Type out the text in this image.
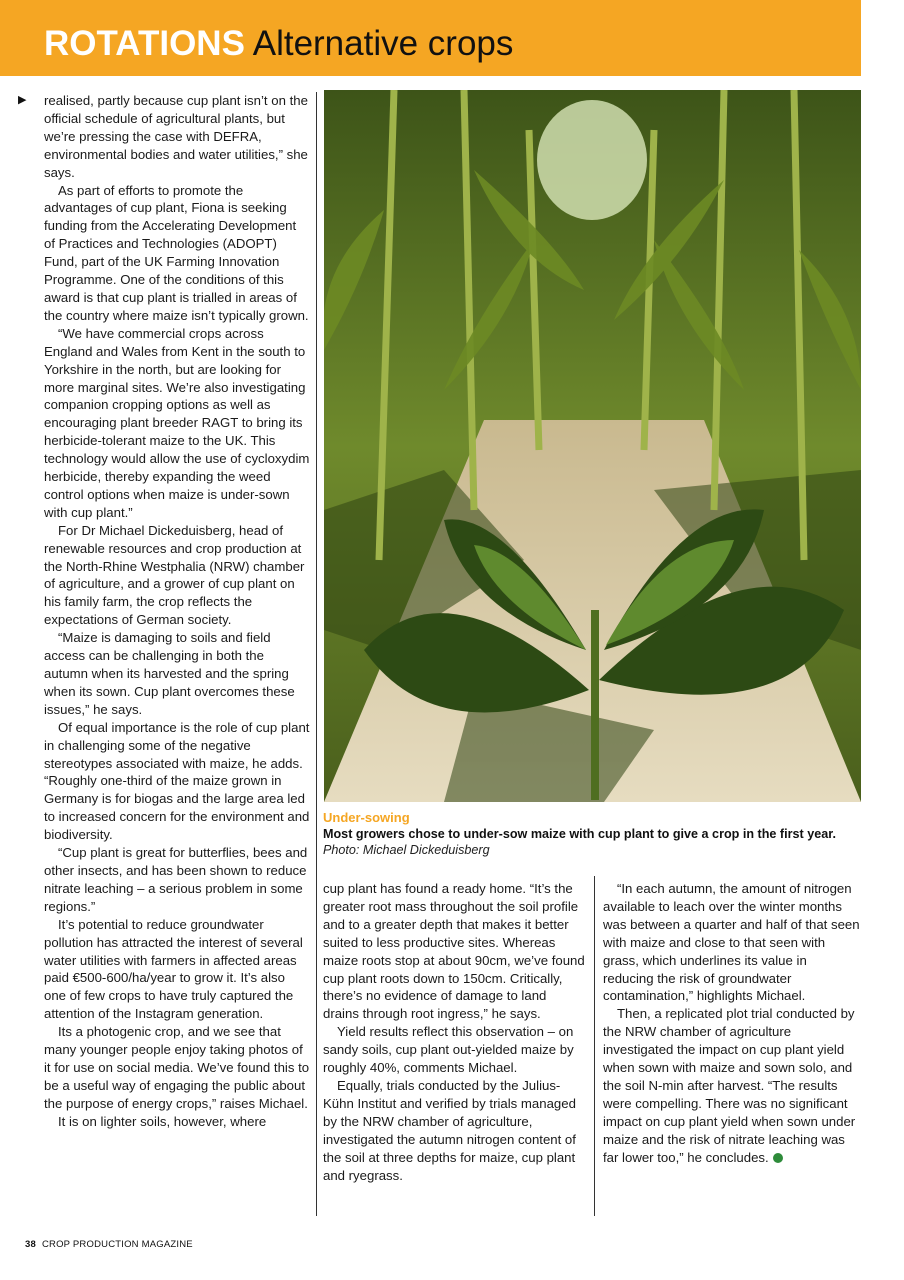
ROTATIONS Alternative crops
▶ realised, partly because cup plant isn’t on the official schedule of agricultural plants, but we’re pressing the case with DEFRA, environmental bodies and water utilities,” she says.

As part of efforts to promote the advantages of cup plant, Fiona is seeking funding from the Accelerating Development of Practices and Technologies (ADOPT) Fund, part of the UK Farming Innovation Programme. One of the conditions of this award is that cup plant is trialled in areas of the country where maize isn’t typically grown.

“We have commercial crops across England and Wales from Kent in the south to Yorkshire in the north, but are looking for more marginal sites. We’re also investigating companion cropping options as well as encouraging plant breeder RAGT to bring its herbicide-tolerant maize to the UK. This technology would allow the use of cycloxydim herbicide, thereby expanding the weed control options when maize is under-sown with cup plant.”

For Dr Michael Dickeduisberg, head of renewable resources and crop production at the North-Rhine Westphalia (NRW) chamber of agriculture, and a grower of cup plant on his family farm, the crop reflects the expectations of German society.

“Maize is damaging to soils and field access can be challenging in both the autumn when its harvested and the spring when its sown. Cup plant overcomes these issues,” he says.

Of equal importance is the role of cup plant in challenging some of the negative stereotypes associated with maize, he adds. “Roughly one-third of the maize grown in Germany is for biogas and the large area led to increased concern for the environment and biodiversity.

“Cup plant is great for butterflies, bees and other insects, and has been shown to reduce nitrate leaching – a serious problem in some regions.”

It’s potential to reduce groundwater pollution has attracted the interest of several water utilities with farmers in affected areas paid €500-600/ha/year to grow it. It’s also one of few crops to have truly captured the attention of the Instagram generation.

Its a photogenic crop, and we see that many younger people enjoy taking photos of it for use on social media. We’ve found this to be a useful way of engaging the public about the purpose of energy crops,” raises Michael.

It is on lighter soils, however, where

Under-sowing
Most growers chose to under-sow maize with cup plant to give a crop in the first year.
Photo: Michael Dickeduisberg

cup plant has found a ready home. “It’s the greater root mass throughout the soil profile and to a greater depth that makes it better suited to less productive sites. Whereas maize roots stop at about 90cm, we’ve found cup plant roots down to 150cm. Critically, there’s no evidence of damage to land drains through root ingress,” he says.

Yield results reflect this observation – on sandy soils, cup plant out-yielded maize by roughly 40%, comments Michael.

Equally, trials conducted by the Julius-Kühn Institut and verified by trials managed by the NRW chamber of agriculture, investigated the autumn nitrogen content of the soil at three depths for maize, cup plant and ryegrass.

“In each autumn, the amount of nitrogen available to leach over the winter months was between a quarter and half of that seen with maize and close to that seen with grass, which underlines its value in reducing the risk of groundwater contamination,” highlights Michael.

Then, a replicated plot trial conducted by the NRW chamber of agriculture investigated the impact on cup plant yield when sown with maize and sown solo, and the soil N-min after harvest. “The results were compelling. There was no significant impact on cup plant yield when sown under maize and the risk of nitrate leaching was far lower too,” he concludes.

38 CROP PRODUCTION MAGAZINE
